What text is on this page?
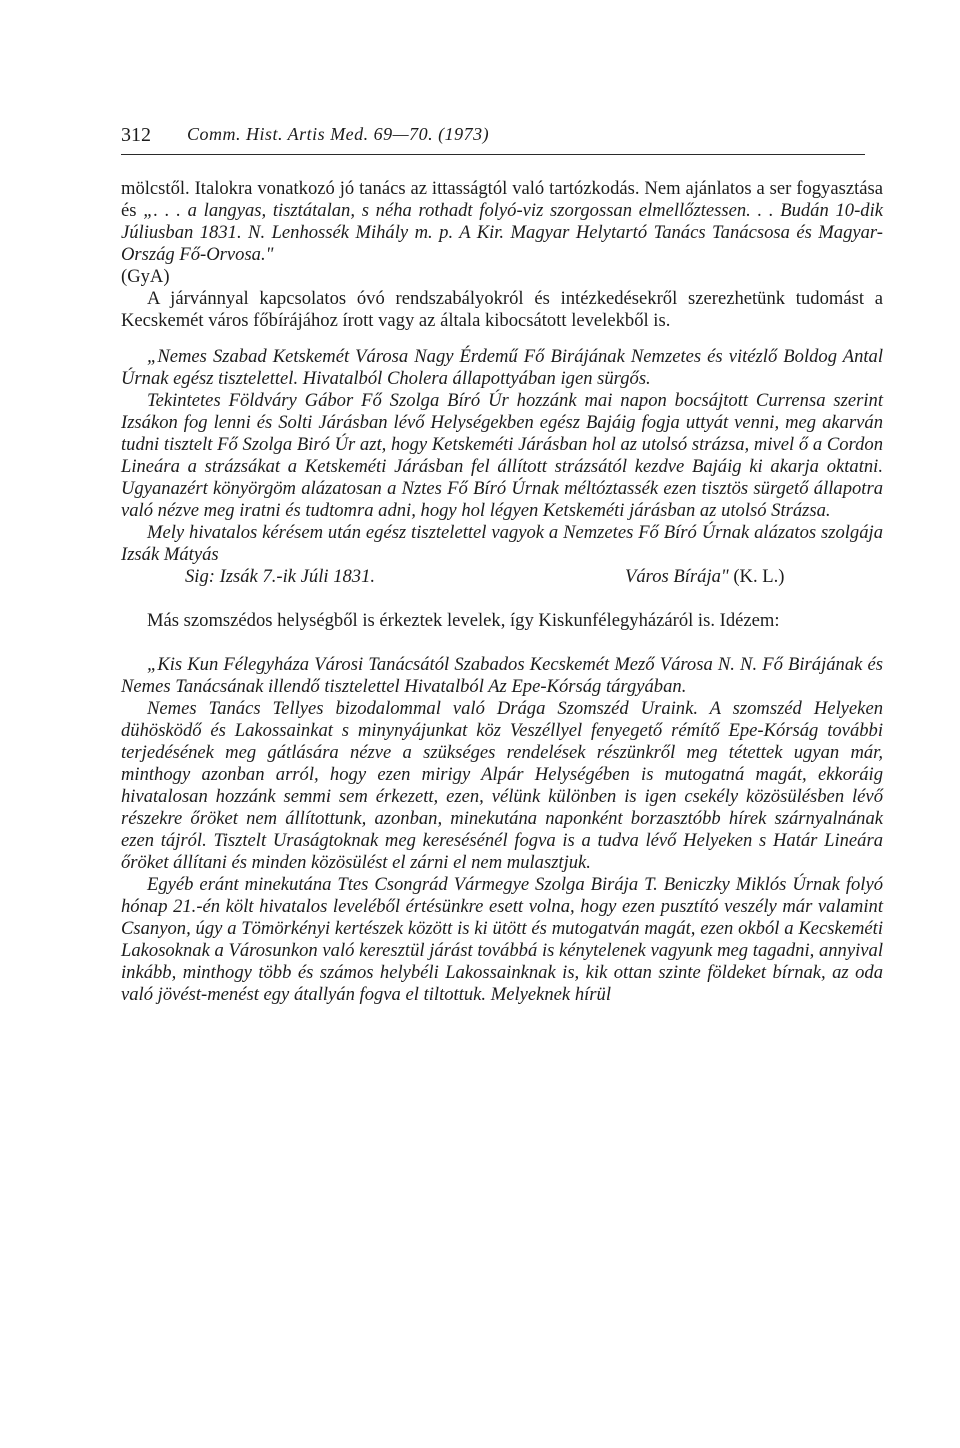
312 Comm. Hist. Artis Med. 69—70. (1973)

mölcstől. Italokra vonatkozó jó tanács az ittasságtól való tartózkodás. Nem ajánlatos a ser fogyasztása és „. . . a langyas, tisztátalan, s néha rothadt folyó-viz szorgossan elmellőztessen. . . Budán 10-dik Júliusban 1831. N. Lenhossék Mihály m. p. A Kir. Magyar Helytartó Tanács Tanácsosa és Magyar-Ország Fő-Orvosa."

(GyA)

A járvánnyal kapcsolatos óvó rendszabályokról és intézkedésekről szerezhetünk tudomást a Kecskemét város főbírájához írott vagy az általa kibocsátott levelekből is.

„Nemes Szabad Ketskemét Városa Nagy Érdemű Fő Birájának Nemzetes és vitézlő Boldog Antal Úrnak egész tisztelettel. Hivatalból Cholera állapottyában igen sürgős.

Tekintetes Földváry Gábor Fő Szolga Bíró Úr hozzánk mai napon bocsájtott Currensa szerint Izsákon fog lenni és Solti Járásban lévő Helységekben egész Bajáig fogja uttyát venni, meg akarván tudni tisztelt Fő Szolga Biró Úr azt, hogy Ketskeméti Járásban hol az utolsó strázsa, mivel ő a Cordon Lineára a strázsákat a Ketskeméti Járásban fel állított strázsától kezdve Bajáig ki akarja oktatni. Ugyanazért könyörgöm alázatosan a Nztes Fő Bíró Úrnak méltóztassék ezen tisztös sürgető állapotra való nézve meg iratni és tudtomra adni, hogy hol légyen Ketskeméti járásban az utolsó Strázsa.

Mely hivatalos kérésem után egész tisztelettel vagyok a Nemzetes Fő Bíró Úrnak alázatos szolgája Izsák Mátyás

Sig: Izsák 7.-ik Júli 1831.	Város Bírája" (K. L.)

Más szomszédos helységből is érkeztek levelek, így Kiskunfélegyházáról is. Idézem:

„Kis Kun Félegyháza Városi Tanácsától Szabados Kecskemét Mező Városa N. N. Fő Birájának és Nemes Tanácsának illendő tisztelettel Hivatalból Az Epe-Kórság tárgyában.

Nemes Tanács Tellyes bizodalommal való Drága Szomszéd Uraink. A szomszéd Helyeken dühösködő és Lakossainkat s minynyájunkat köz Veszéllyel fenyegető rémítő Epe-Kórság további terjedésének meg gátlására nézve a szükséges rendelések részünkről meg tétettek ugyan már, minthogy azonban arról, hogy ezen mirigy Alpár Helységében is mutogatná magát, ekkoráig hivatalosan hozzánk semmi sem érkezett, ezen, vélünk különben is igen csekély közösülésben lévő részekre őröket nem állítottunk, azonban, minekutána naponként borzasztóbb hírek szárnyalnának ezen tájról. Tisztelt Uraságtoknak meg keresésénél fogva is a tudva lévő Helyeken s Határ Lineára őröket állítani és minden közösülést el zárni el nem mulasztjuk.

Egyéb eránt minekutána Ttes Csongrád Vármegye Szolga Birája T. Beniczky Miklós Úrnak folyó hónap 21.-én költ hivatalos leveléből értésünkre esett volna, hogy ezen pusztító veszély már valamint Csanyon, úgy a Tömörkényi kertészek között is ki ütött és mutogatván magát, ezen okból a Kecskeméti Lakosoknak a Városunkon való keresztül járást továbbá is kénytelenek vagyunk meg tagadni, annyival inkább, minthogy több és számos helybéli Lakossainknak is, kik ottan szinte földeket bírnak, az oda való jövést-menést egy átallyán fogva el tiltottuk. Melyeknek hírül
